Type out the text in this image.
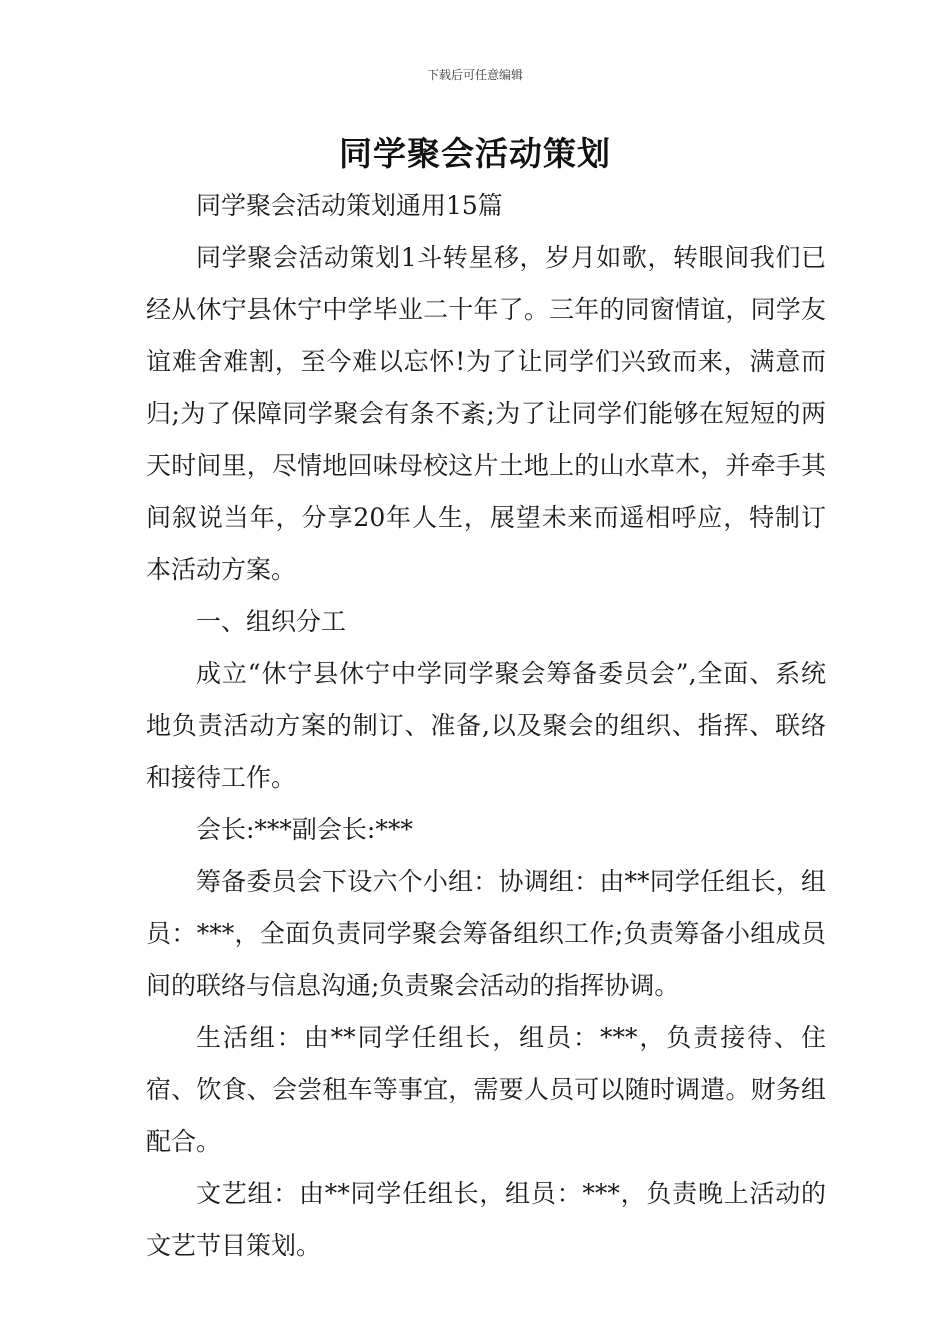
下载后可任意编辑
同学聚会活动策划

同学聚会活动策划通用15篇

同学聚会活动策划1斗转星移，岁月如歌，转眼间我们已经从休宁县休宁中学毕业二十年了。三年的同窗情谊，同学友谊难舍难割，至今难以忘怀!为了让同学们兴致而来，满意而归;为了保障同学聚会有条不紊;为了让同学们能够在短短的两天时间里，尽情地回味母校这片土地上的山水草木，并牵手其间叙说当年，分享20年人生，展望未来而遥相呼应，特制订本活动方案。

一、组织分工

成立“休宁县休宁中学同学聚会筹备委员会”,全面、系统地负责活动方案的制订、准备,以及聚会的组织、指挥、联络和接待工作。

会长:***副会长:***

筹备委员会下设六个小组：协调组：由**同学任组长，组员：***，全面负责同学聚会筹备组织工作;负责筹备小组成员间的联络与信息沟通;负责聚会活动的指挥协调。

生活组：由**同学任组长，组员：***，负责接待、住宿、饮食、会尝租车等事宜，需要人员可以随时调遣。财务组配合。

文艺组：由**同学任组长，组员：***，负责晚上活动的文艺节目策划。
